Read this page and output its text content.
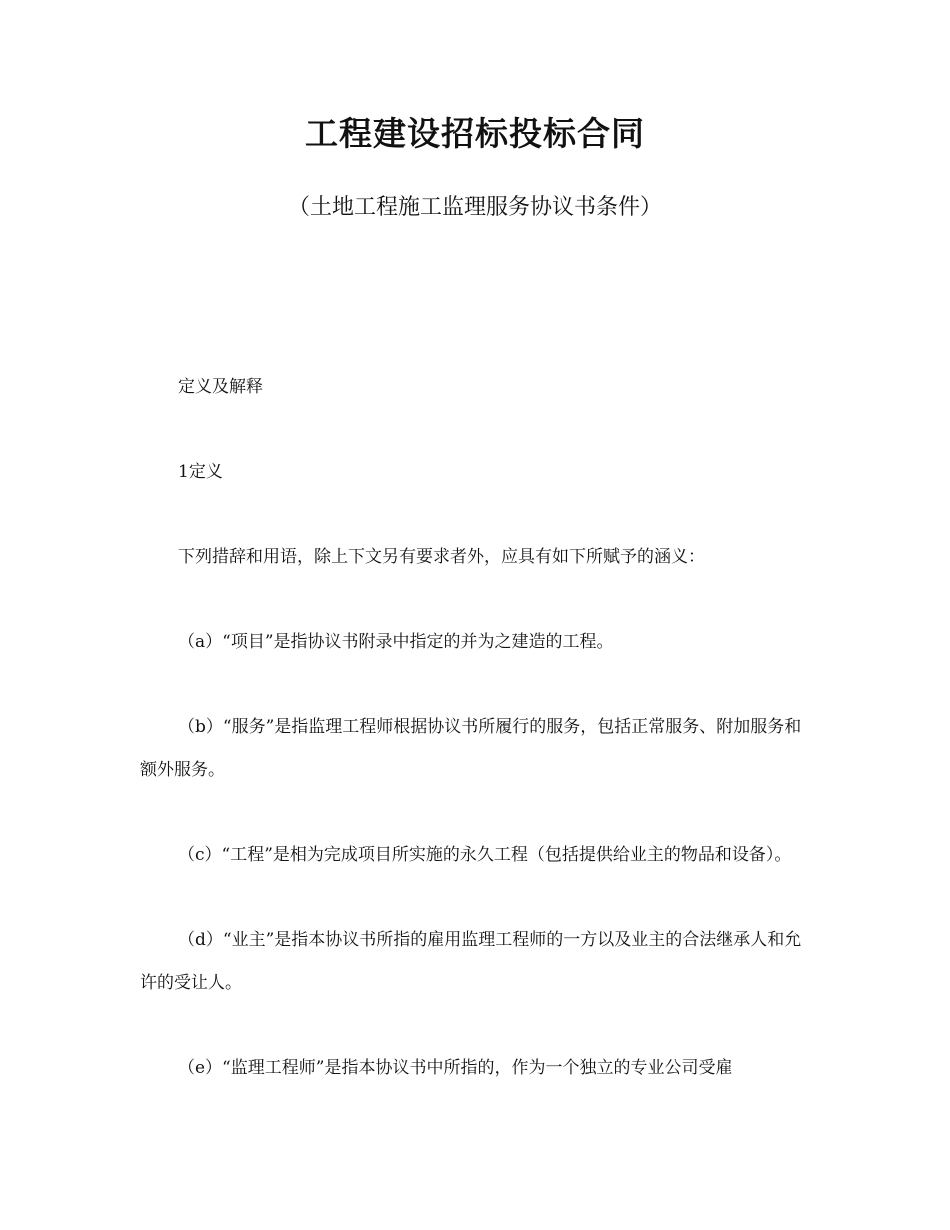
工程建设招标投标合同

（土地工程施工监理服务协议书条件）

定义及解释

1定义

下列措辞和用语，除上下文另有要求者外，应具有如下所赋予的涵义：

（a）“项目”是指协议书附录中指定的并为之建造的工程。

（b）“服务”是指监理工程师根据协议书所履行的服务，包括正常服务、附加服务和额外服务。

（c）“工程”是相为完成项目所实施的永久工程（包括提供给业主的物品和设备）。

（d）“业主”是指本协议书所指的雇用监理工程师的一方以及业主的合法继承人和允许的受让人。

（e）“监理工程师”是指本协议书中所指的，作为一个独立的专业公司受雇
